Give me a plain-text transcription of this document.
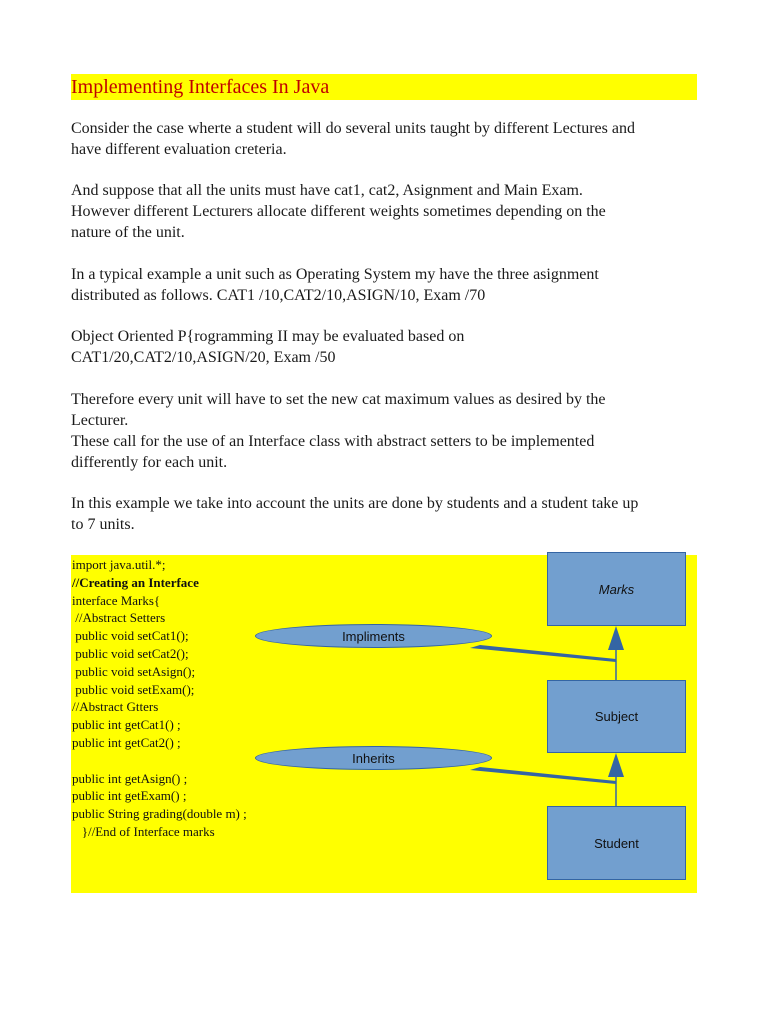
Implementing Interfaces In Java
Consider the case wherte a student will do several units taught by different Lectures and
have different evaluation creteria.
And suppose that all the units must have cat1, cat2, Asignment and Main Exam.
However different Lecturers allocate different weights sometimes depending on the
nature of the unit.
In a typical example a unit such as Operating System my have the three asignment
distributed as follows. CAT1 /10,CAT2/10,ASIGN/10, Exam /70
Object Oriented P{rogramming II may be evaluated based on
CAT1/20,CAT2/10,ASIGN/20, Exam /50
Therefore every unit will have to set the new cat maximum values as desired by the
Lecturer.
These call for the use of an Interface class with abstract setters to be implemented
differently for each unit.
In this example we take into account the units are done by students and a student take up
to 7 units.
import java.util.*;
//Creating an Interface
interface Marks{
//Abstract Setters
public void setCat1();
public void setCat2();
public void setAsign();
public void setExam();
//Abstract Gtters
public int getCat1() ;
public int getCat2() ;

public int getAsign() ;
public int getExam() ;
public String grading(double m) ;
}//End of Interface marks
Marks
Subject
Student
Impliments
Inherits
